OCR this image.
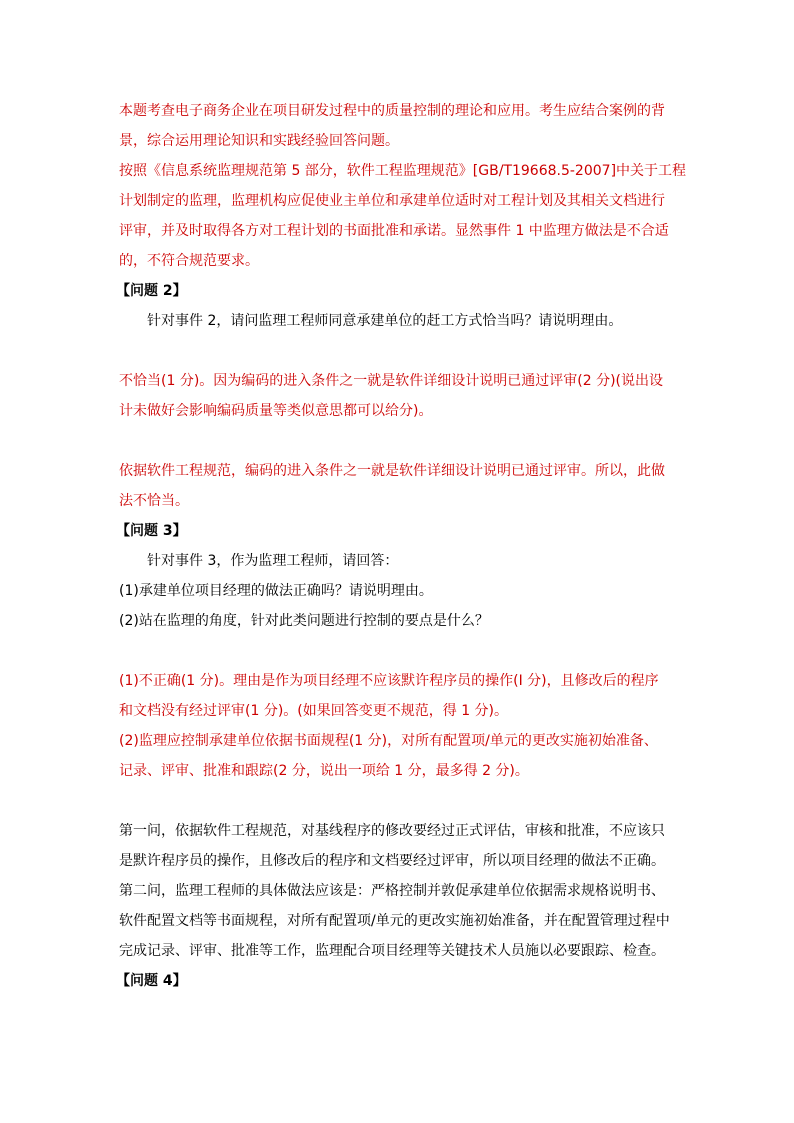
本题考查电子商务企业在项目研发过程中的质量控制的理论和应用。考生应结合案例的背

景，综合运用理论知识和实践经验回答问题。

按照《信息系统监理规范第 5 部分，软件工程监理规范》[GB/T19668.5-2007]中关于工程

计划制定的监理，监理机构应促使业主单位和承建单位适时对工程计划及其相关文档进行

评审，并及时取得各方对工程计划的书面批准和承诺。显然事件 1 中监理方做法是不合适

的，不符合规范要求。

【问题 2】

针对事件 2，请问监理工程师同意承建单位的赶工方式恰当吗？请说明理由。

不恰当(1 分)。因为编码的进入条件之一就是软件详细设计说明已通过评审(2 分)(说出设

计未做好会影响编码质量等类似意思都可以给分)。

依据软件工程规范，编码的进入条件之一就是软件详细设计说明已通过评审。所以，此做

法不恰当。

【问题 3】

针对事件 3，作为监理工程师，请回答：

(1)承建单位项目经理的做法正确吗？请说明理由。

(2)站在监理的角度，针对此类问题进行控制的要点是什么？

(1)不正确(1 分)。理由是作为项目经理不应该默许程序员的操作(I 分)，且修改后的程序

和文档没有经过评审(1 分)。(如果回答变更不规范，得 1 分)。

(2)监理应控制承建单位依据书面规程(1 分)，对所有配置项/单元的更改实施初始准备、

记录、评审、批准和跟踪(2 分，说出一项给 1 分，最多得 2 分)。

第一问，依据软件工程规范，对基线程序的修改要经过正式评估，审核和批准，不应该只

是默许程序员的操作，且修改后的程序和文档要经过评审，所以项目经理的做法不正确。

第二问，监理工程师的具体做法应该是：严格控制并敦促承建单位依据需求规格说明书、

软件配置文档等书面规程，对所有配置项/单元的更改实施初始准备，并在配置管理过程中

完成记录、评审、批准等工作，监理配合项目经理等关键技术人员施以必要跟踪、检查。

【问题 4】
